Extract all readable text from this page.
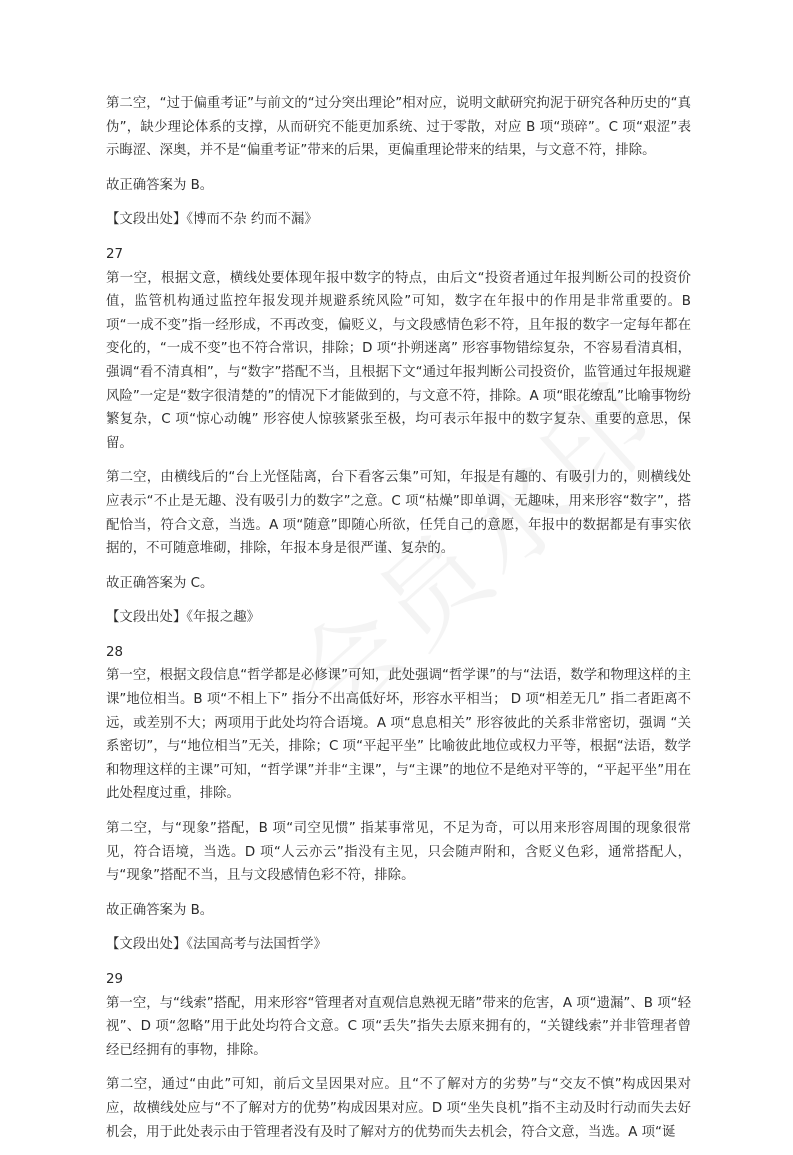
第二空，“过于偏重考证”与前文的“过分突出理论”相对应，说明文献研究拘泥于研究各种历史的“真伪”，缺少理论体系的支撑，从而研究不能更加系统、过于零散，对应 B 项“琐碎”。C 项“艰涩”表示晦涩、深奥，并不是“偏重考证”带来的后果，更偏重理论带来的结果，与文意不符，排除。

故正确答案为 B。

【文段出处】《博而不杂 约而不漏》

27

第一空，根据文意，横线处要体现年报中数字的特点，由后文“投资者通过年报判断公司的投资价值，监管机构通过监控年报发现并规避系统风险”可知，数字在年报中的作用是非常重要的。B 项“一成不变”指一经形成，不再改变，偏贬义，与文段感情色彩不符，且年报的数字一定每年都在变化的，“一成不变”也不符合常识，排除；D 项“扑朔迷离” 形容事物错综复杂，不容易看清真相，强调“看不清真相”，与“数字”搭配不当，且根据下文“通过年报判断公司投资价，监管通过年报规避风险”一定是“数字很清楚的”的情况下才能做到的，与文意不符，排除。A 项“眼花缭乱”比喻事物纷繁复杂，C 项“惊心动魄” 形容使人惊骇紧张至极，均可表示年报中的数字复杂、重要的意思，保留。

第二空，由横线后的“台上光怪陆离，台下看客云集”可知，年报是有趣的、有吸引力的，则横线处应表示“不止是无趣、没有吸引力的数字”之意。C 项“枯燥”即单调，无趣味，用来形容“数字”，搭配恰当，符合文意，当选。A 项“随意”即随心所欲，任凭自己的意愿，年报中的数据都是有事实依据的，不可随意堆砌，排除，年报本身是很严谨、复杂的。

故正确答案为 C。

【文段出处】《年报之趣》

28

第一空，根据文段信息“哲学都是必修课”可知，此处强调“哲学课”的与“法语，数学和物理这样的主课”地位相当。B 项“不相上下” 指分不出高低好坏，形容水平相当； D 项“相差无几” 指二者距离不远，或差别不大；两项用于此处均符合语境。A 项“息息相关” 形容彼此的关系非常密切，强调 “关系密切”，与“地位相当”无关，排除；C 项“平起平坐” 比喻彼此地位或权力平等，根据“法语，数学和物理这样的主课”可知，“哲学课”并非“主课”，与“主课”的地位不是绝对平等的，“平起平坐”用在此处程度过重，排除。

第二空，与“现象”搭配，B 项“司空见惯” 指某事常见，不足为奇，可以用来形容周围的现象很常见，符合语境，当选。D 项“人云亦云”指没有主见，只会随声附和，含贬义色彩，通常搭配人，与“现象”搭配不当，且与文段感情色彩不符，排除。

故正确答案为 B。

【文段出处】《法国高考与法国哲学》

29

第一空，与“线索”搭配，用来形容“管理者对直观信息熟视无睹”带来的危害，A 项“遗漏”、B 项“轻视”、D 项“忽略”用于此处均符合文意。C 项“丢失”指失去原来拥有的，“关键线索”并非管理者曾经已经拥有的事物，排除。

第二空，通过“由此”可知，前后文呈因果对应。且“不了解对方的劣势”与“交友不慎”构成因果对应，故横线处应与“不了解对方的优势”构成因果对应。D 项“坐失良机”指不主动及时行动而失去好机会，用于此处表示由于管理者没有及时了解对方的优势而失去机会，符合文意，当选。A 项“诞
